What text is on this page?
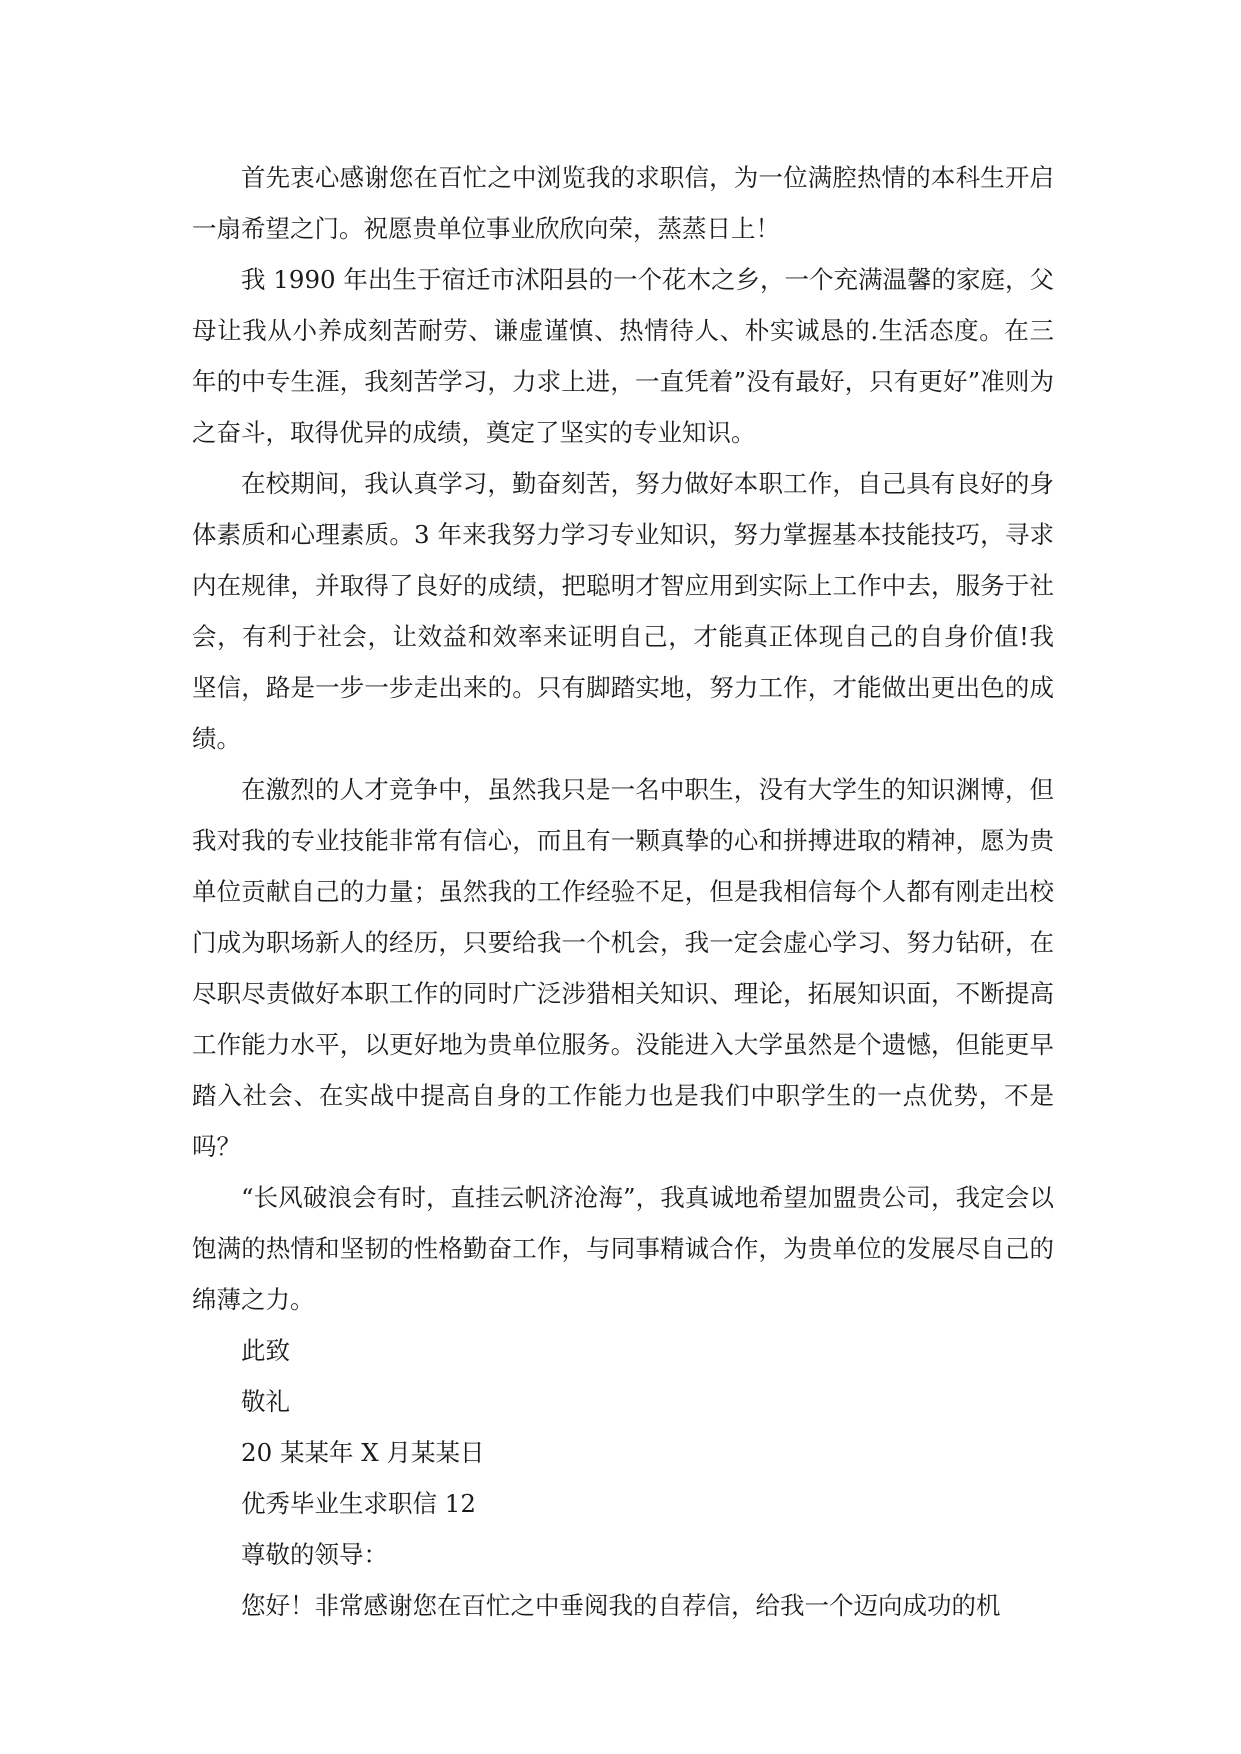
首先衷心感谢您在百忙之中浏览我的求职信，为一位满腔热情的本科生开启一扇希望之门。祝愿贵单位事业欣欣向荣，蒸蒸日上！

我 1990 年出生于宿迁市沭阳县的一个花木之乡，一个充满温馨的家庭，父母让我从小养成刻苦耐劳、谦虚谨慎、热情待人、朴实诚恳的.生活态度。在三年的中专生涯，我刻苦学习，力求上进，一直凭着”没有最好，只有更好”准则为之奋斗，取得优异的成绩，奠定了坚实的专业知识。

在校期间，我认真学习，勤奋刻苦，努力做好本职工作，自己具有良好的身体素质和心理素质。3 年来我努力学习专业知识，努力掌握基本技能技巧，寻求内在规律，并取得了良好的成绩，把聪明才智应用到实际上工作中去，服务于社会，有利于社会，让效益和效率来证明自己，才能真正体现自己的自身价值!我坚信，路是一步一步走出来的。只有脚踏实地，努力工作，才能做出更出色的成绩。

在激烈的人才竞争中，虽然我只是一名中职生，没有大学生的知识渊博，但我对我的专业技能非常有信心，而且有一颗真挚的心和拼搏进取的精神，愿为贵单位贡献自己的力量；虽然我的工作经验不足，但是我相信每个人都有刚走出校门成为职场新人的经历，只要给我一个机会，我一定会虚心学习、努力钻研，在尽职尽责做好本职工作的同时广泛涉猎相关知识、理论，拓展知识面，不断提高工作能力水平，以更好地为贵单位服务。没能进入大学虽然是个遗憾，但能更早踏入社会、在实战中提高自身的工作能力也是我们中职学生的一点优势，不是吗？

“长风破浪会有时，直挂云帆济沧海”，我真诚地希望加盟贵公司，我定会以饱满的热情和坚韧的性格勤奋工作，与同事精诚合作，为贵单位的发展尽自己的绵薄之力。

此致

敬礼

20 某某年 X 月某某日

优秀毕业生求职信 12

尊敬的领导：

您好！非常感谢您在百忙之中垂阅我的自荐信，给我一个迈向成功的机
